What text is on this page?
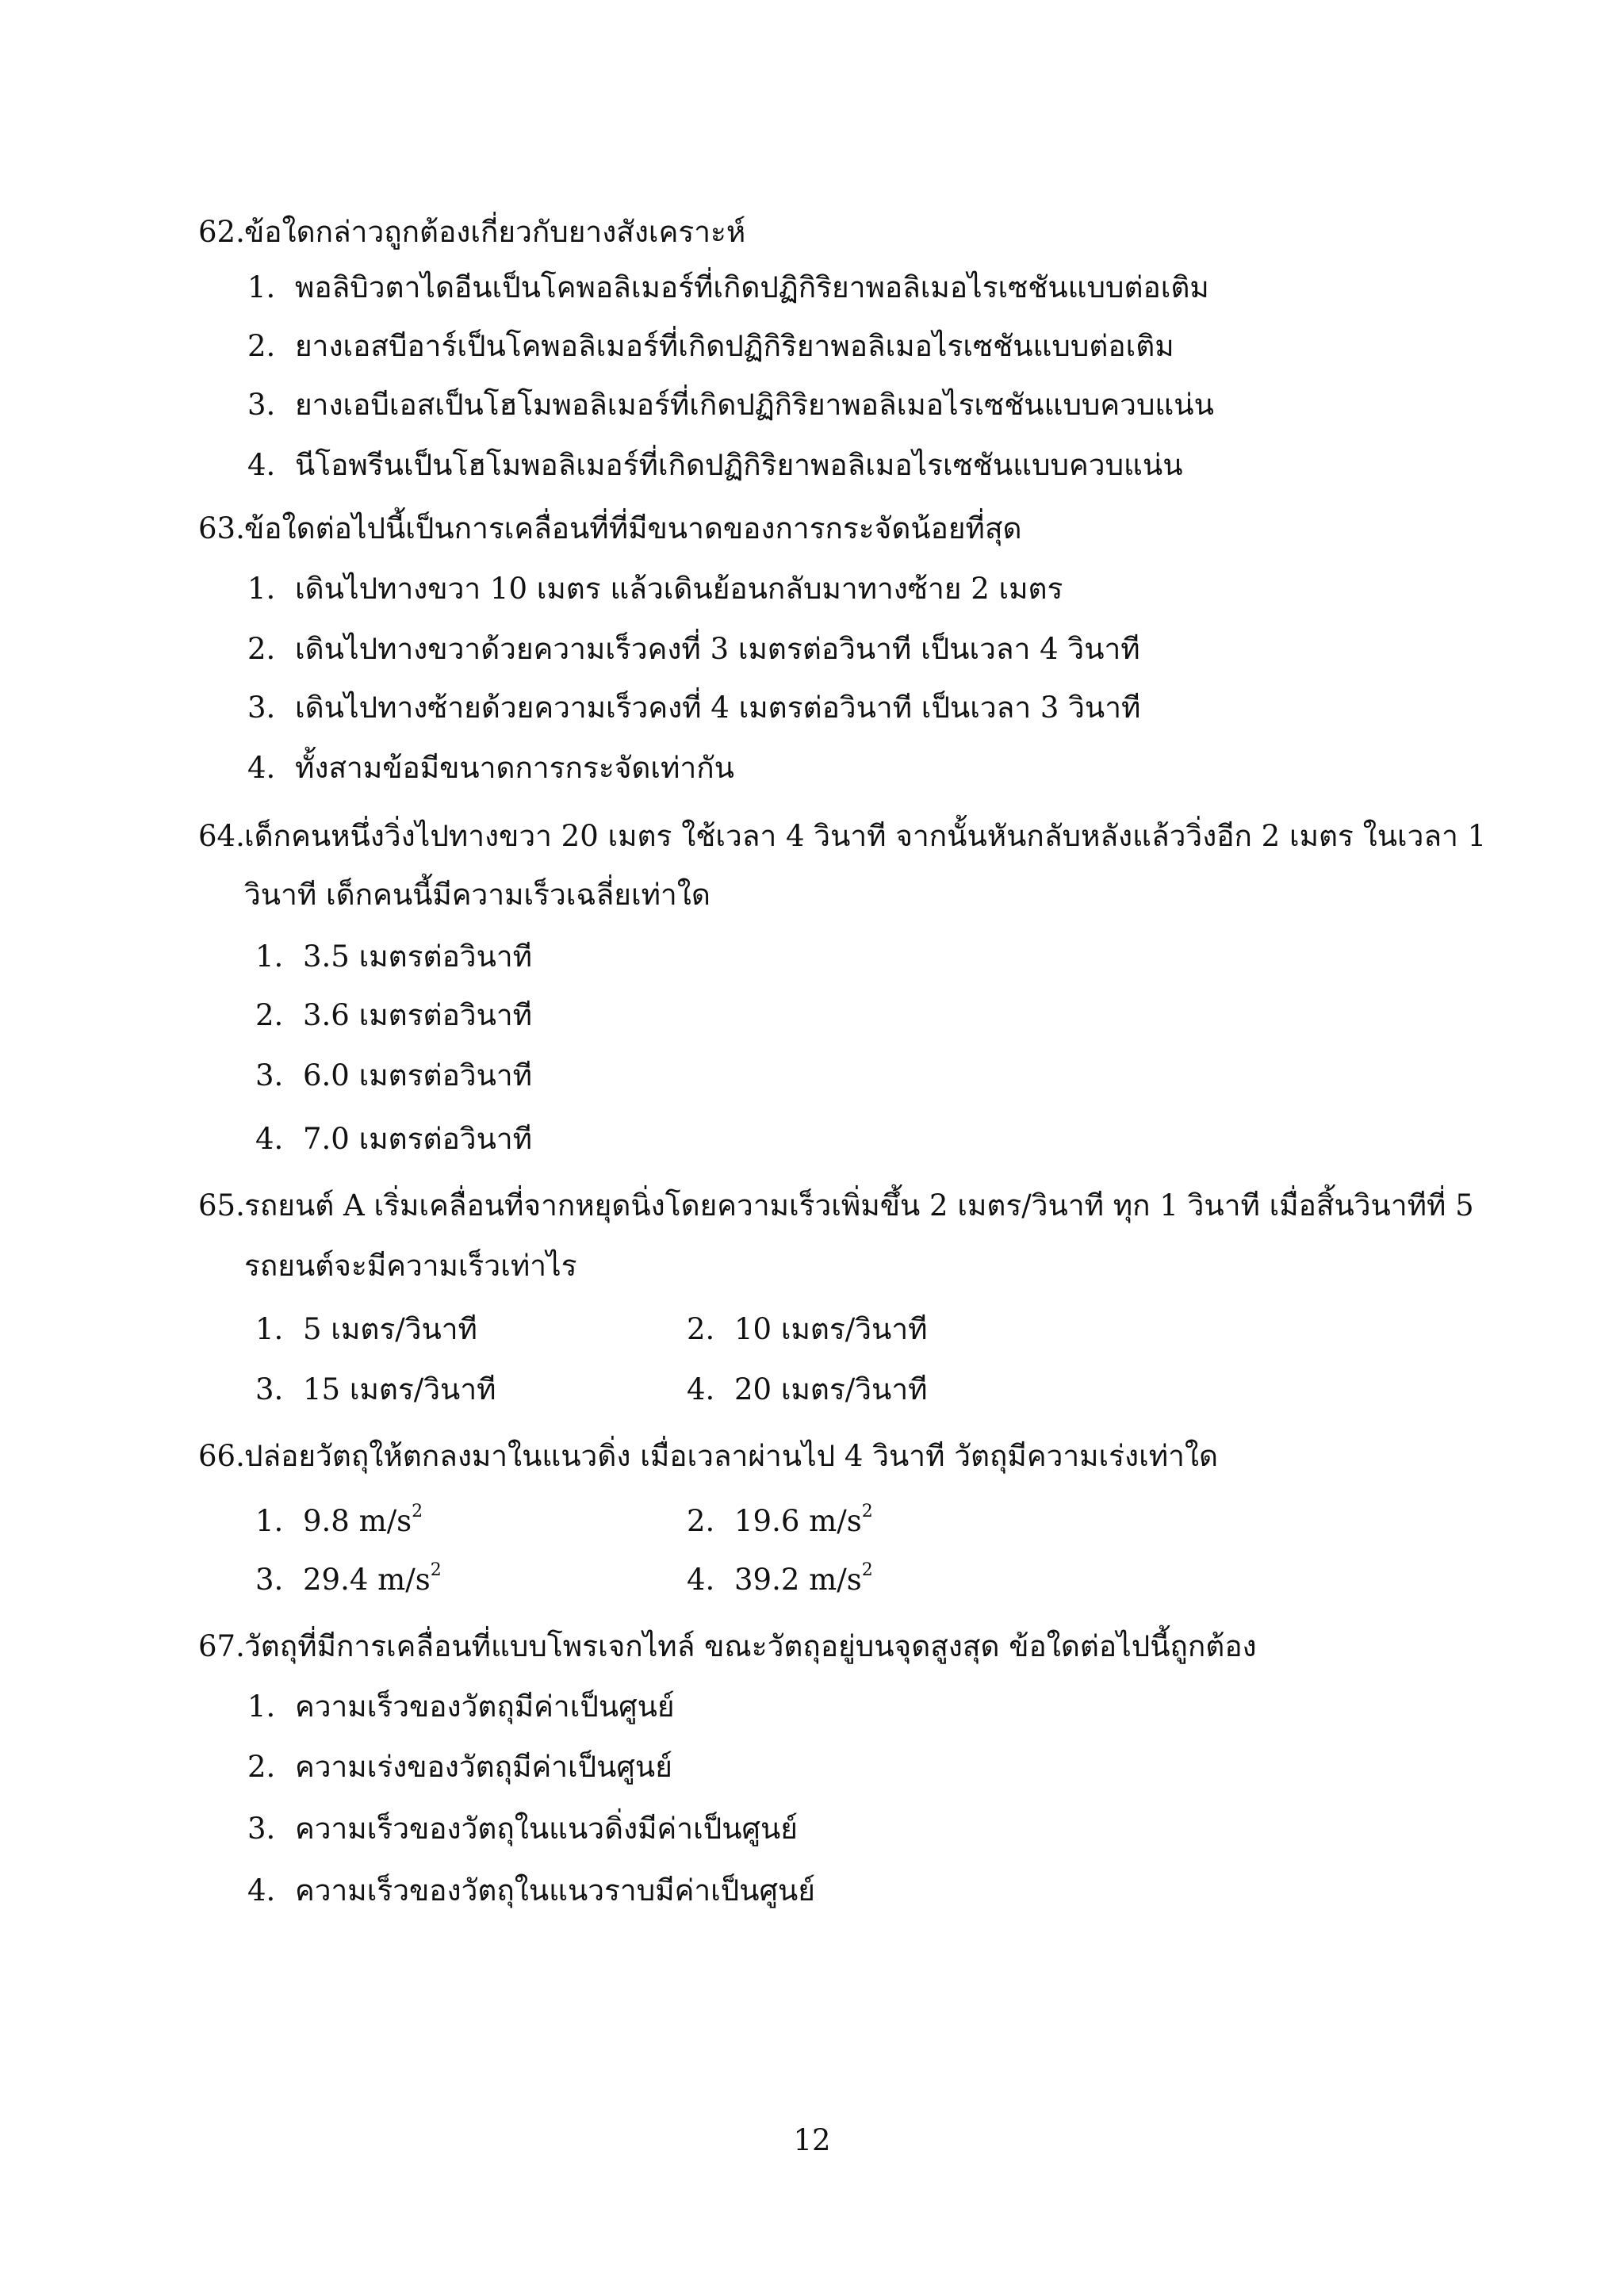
62.ข้อใดกล่าวถูกต้องเกี่ยวกับยางสังเคราะห์
1. พอลิบิวตาไดอีนเป็นโคพอลิเมอร์ที่เกิดปฏิกิริยาพอลิเมอไรเซชันแบบต่อเติม
2. ยางเอสบีอาร์เป็นโคพอลิเมอร์ที่เกิดปฏิกิริยาพอลิเมอไรเซชันแบบต่อเติม
3. ยางเอบีเอสเป็นโฮโมพอลิเมอร์ที่เกิดปฏิกิริยาพอลิเมอไรเซชันแบบควบแน่น
4. นีโอพรีนเป็นโฮโมพอลิเมอร์ที่เกิดปฏิกิริยาพอลิเมอไรเซชันแบบควบแน่น
63.ข้อใดต่อไปนี้เป็นการเคลื่อนที่ที่มีขนาดของการกระจัดน้อยที่สุด
1. เดินไปทางขวา 10 เมตร แล้วเดินย้อนกลับมาทางซ้าย 2 เมตร
2. เดินไปทางขวาด้วยความเร็วคงที่ 3 เมตรต่อวินาที เป็นเวลา 4 วินาที
3. เดินไปทางซ้ายด้วยความเร็วคงที่ 4 เมตรต่อวินาที เป็นเวลา 3 วินาที
4. ทั้งสามข้อมีขนาดการกระจัดเท่ากัน
64.เด็กคนหนึ่งวิ่งไปทางขวา 20 เมตร ใช้เวลา 4 วินาที จากนั้นหันกลับหลังแล้ววิ่งอีก 2 เมตร ในเวลา 1
วินาที เด็กคนนี้มีความเร็วเฉลี่ยเท่าใด
1. 3.5 เมตรต่อวินาที
2. 3.6 เมตรต่อวินาที
3. 6.0 เมตรต่อวินาที
4. 7.0 เมตรต่อวินาที
65.รถยนต์ A เริ่มเคลื่อนที่จากหยุดนิ่งโดยความเร็วเพิ่มขึ้น 2 เมตร/วินาที ทุก 1 วินาที เมื่อสิ้นวินาทีที่ 5
รถยนต์จะมีความเร็วเท่าไร
1. 5 เมตร/วินาที	2. 10 เมตร/วินาที
3. 15 เมตร/วินาที	4. 20 เมตร/วินาที
66.ปล่อยวัตถุให้ตกลงมาในแนวดิ่ง เมื่อเวลาผ่านไป 4 วินาที วัตถุมีความเร่งเท่าใด
1. 9.8 $m/s^2$	2. 19.6 $m/s^2$
3. 29.4 $m/s^2$	4. 39.2 $m/s^2$
67.วัตถุที่มีการเคลื่อนที่แบบโพรเจกไทล์ ขณะวัตถุอยู่บนจุดสูงสุด ข้อใดต่อไปนี้ถูกต้อง
1. ความเร็วของวัตถุมีค่าเป็นศูนย์
2. ความเร่งของวัตถุมีค่าเป็นศูนย์
3. ความเร็วของวัตถุในแนวดิ่งมีค่าเป็นศูนย์
4. ความเร็วของวัตถุในแนวราบมีค่าเป็นศูนย์
12
